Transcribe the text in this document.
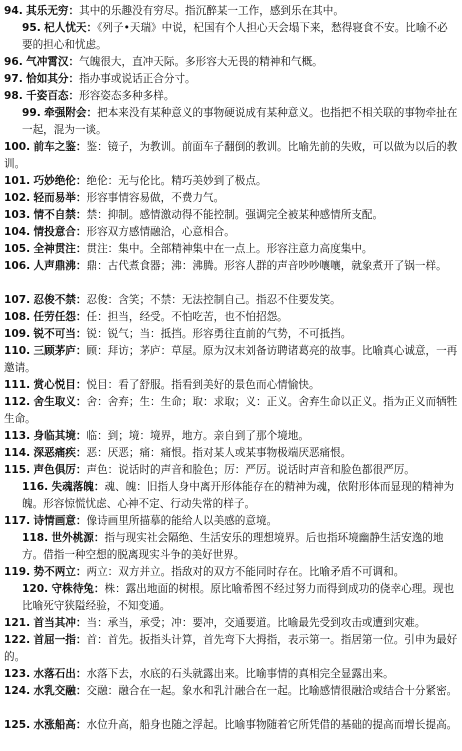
94. 其乐无穷：其中的乐趣没有穷尽。指沉醉某一工作，感到乐在其中。

95. 杞人忧天：《列子•天瑞》中说，杞国有个人担心天会塌下来，愁得寝食不安。比喻不必要的担心和忧虑。

96. 气冲霄汉：气魄很大，直冲天际。多形容大无畏的精神和气概。

97. 恰如其分：指办事或说话正合分寸。

98. 千姿百态：形容姿态多种多样。

99. 牵强附会：把本来没有某种意义的事物硬说成有某种意义。也指把不相关联的事物牵扯在一起，混为一谈。

100. 前车之鉴：鉴：镜子，为教训。前面车子翻倒的教训。比喻先前的失败，可以做为以后的教训。

101. 巧妙绝伦：绝伦：无与伦比。精巧美妙到了极点。

102. 轻而易举：形容事情容易做，不费力气。

103. 情不自禁：禁：抑制。感情激动得不能控制。强调完全被某种感情所支配。

104. 情投意合：形容双方感情融洽，心意相合。

105. 全神贯注：贯注：集中。全部精神集中在一点上。形容注意力高度集中。

106. 人声鼎沸：鼎：古代煮食器；沸：沸腾。形容人群的声音吵吵嚷嚷，就象煮开了锅一样。

107. 忍俊不禁：忍俊：含笑；不禁：无法控制自己。指忍不住要发笑。

108. 任劳任怨：任：担当，经受。不怕吃苦，也不怕招怨。

109. 锐不可当：锐：锐气；当：抵挡。形容勇往直前的气势，不可抵挡。

110. 三顾茅庐：顾：拜访；茅庐：草屋。原为汉末刘备访聘诸葛亮的故事。比喻真心诚意，一再邀请。

111. 赏心悦目：悦目：看了舒服。指看到美好的景色而心情愉快。

112. 舍生取义：舍：舍弃；生：生命；取：求取；义：正义。舍弃生命以正义。指为正义而牺牲生命。

113. 身临其境：临：到；境：境界，地方。亲自到了那个境地。

114. 深恶痛疾：恶：厌恶；痛：痛恨。指对某人或某事物极端厌恶痛恨。

115. 声色俱厉：声色：说话时的声音和脸色；厉：严厉。说话时声音和脸色都很严厉。

116. 失魂落魄：魂、魄：旧指人身中离开形体能存在的精神为魂，依附形体而显现的精神为魄。形容惊慌忧虑、心神不定、行动失常的样子。

117. 诗情画意：像诗画里所描摹的能给人以美感的意境。

118. 世外桃源：指与现实社会隔绝、生活安乐的理想境界。后也指环境幽静生活安逸的地方。借指一种空想的脱离现实斗争的美好世界。

119. 势不两立：两立：双方并立。指敌对的双方不能同时存在。比喻矛盾不可调和。

120. 守株待兔：株：露出地面的树根。原比喻希图不经过努力而得到成功的侥幸心理。现也比喻死守狭隘经验，不知变通。

121. 首当其冲：当：承当，承受；冲：要冲，交通要道。比喻最先受到攻击或遭到灾难。

122. 首屈一指：首：首先。扳指头计算，首先弯下大拇指，表示第一。指居第一位。引申为最好的。

123. 水落石出：水落下去，水底的石头就露出来。比喻事情的真相完全显露出来。

124. 水乳交融：交融：融合在一起。象水和乳汁融合在一起。比喻感情很融洽或结合十分紧密。

125. 水涨船高：水位升高，船身也随之浮起。比喻事物随着它所凭借的基础的提高而增长提高。
